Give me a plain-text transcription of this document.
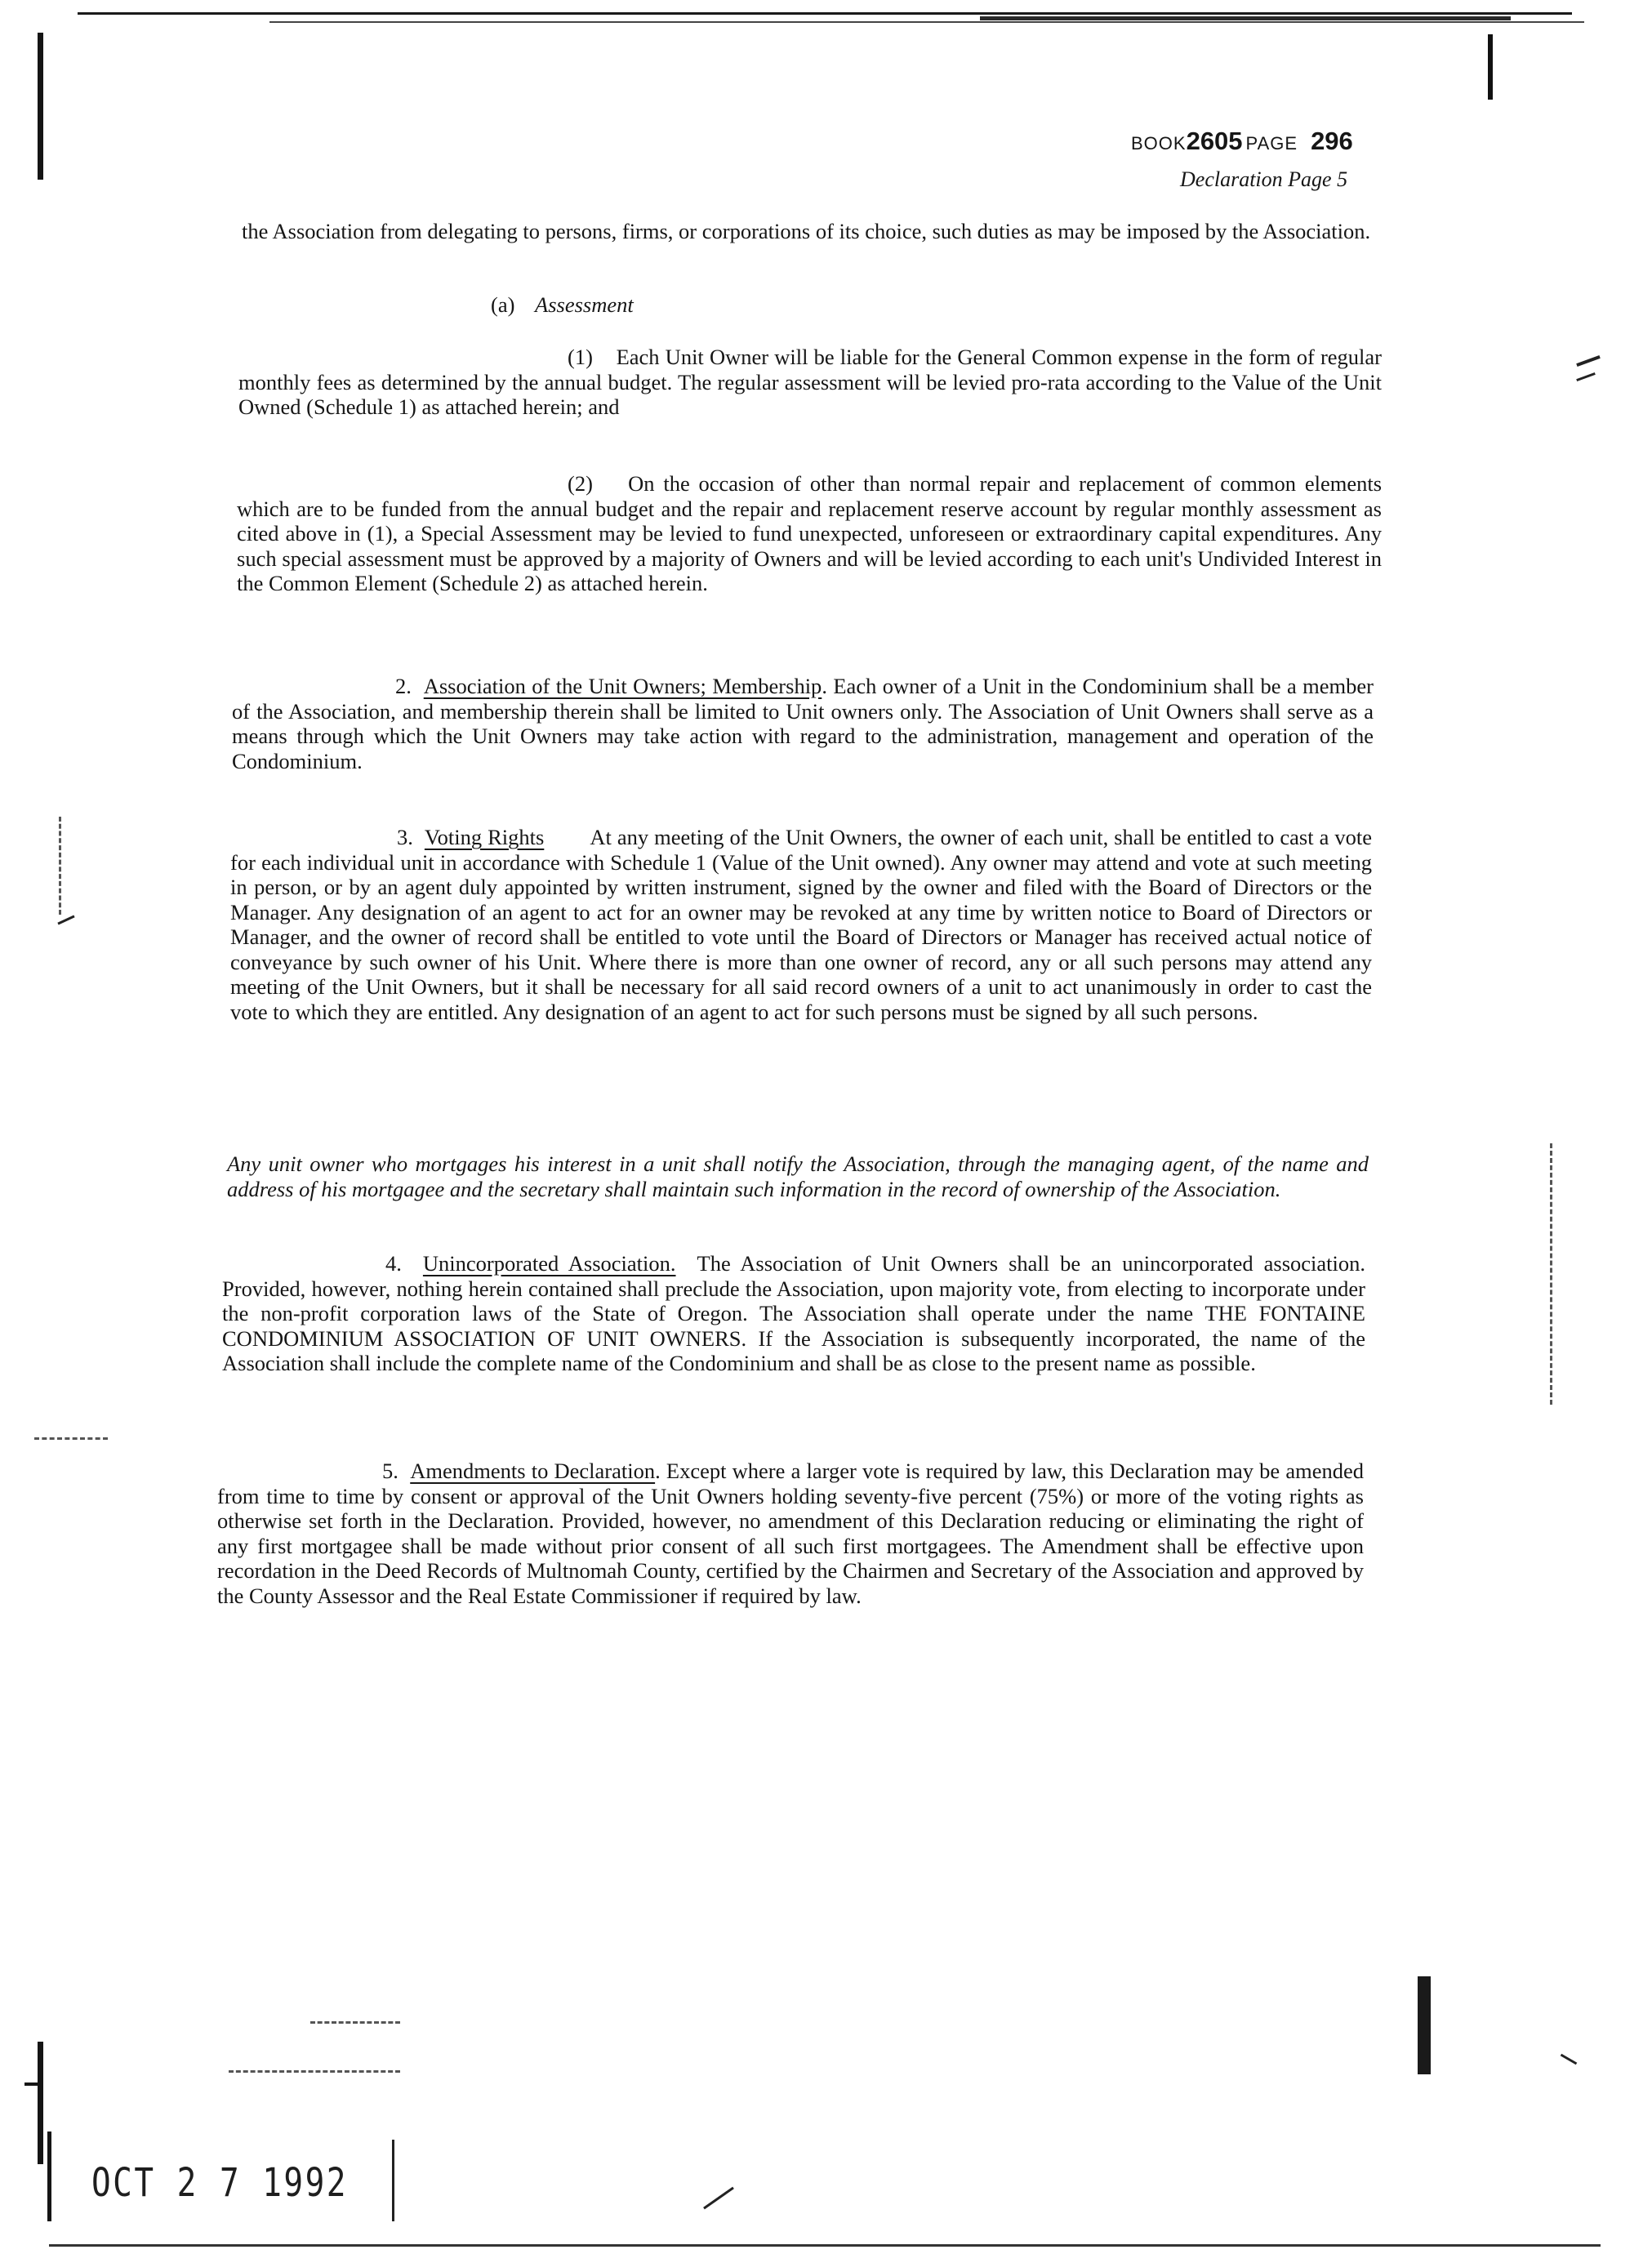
BOOK2605 PAGE 296
Declaration Page 5
the Association from delegating to persons, firms, or corporations of its choice, such duties as may be imposed by the Association.
(a) Assessment
(1) Each Unit Owner will be liable for the General Common expense in the form of regular monthly fees as determined by the annual budget. The regular assessment will be levied pro-rata according to the Value of the Unit Owned (Schedule 1) as attached herein; and
(2) On the occasion of other than normal repair and replacement of common elements which are to be funded from the annual budget and the repair and replacement reserve account by regular monthly assessment as cited above in (1), a Special Assessment may be levied to fund unexpected, unforeseen or extraordinary capital expenditures. Any such special assessment must be approved by a majority of Owners and will be levied according to each unit's Undivided Interest in the Common Element (Schedule 2) as attached herein.
2. Association of the Unit Owners; Membership. Each owner of a Unit in the Condominium shall be a member of the Association, and membership therein shall be limited to Unit owners only. The Association of Unit Owners shall serve as a means through which the Unit Owners may take action with regard to the administration, management and operation of the Condominium.
3. Voting Rights At any meeting of the Unit Owners, the owner of each unit, shall be entitled to cast a vote for each individual unit in accordance with Schedule 1 (Value of the Unit owned). Any owner may attend and vote at such meeting in person, or by an agent duly appointed by written instrument, signed by the owner and filed with the Board of Directors or the Manager. Any designation of an agent to act for an owner may be revoked at any time by written notice to Board of Directors or Manager, and the owner of record shall be entitled to vote until the Board of Directors or Manager has received actual notice of conveyance by such owner of his Unit. Where there is more than one owner of record, any or all such persons may attend any meeting of the Unit Owners, but it shall be necessary for all said record owners of a unit to act unanimously in order to cast the vote to which they are entitled. Any designation of an agent to act for such persons must be signed by all such persons.
Any unit owner who mortgages his interest in a unit shall notify the Association, through the managing agent, of the name and address of his mortgagee and the secretary shall maintain such information in the record of ownership of the Association.
4. Unincorporated Association. The Association of Unit Owners shall be an unincorporated association. Provided, however, nothing herein contained shall preclude the Association, upon majority vote, from electing to incorporate under the non-profit corporation laws of the State of Oregon. The Association shall operate under the name THE FONTAINE CONDOMINIUM ASSOCIATION OF UNIT OWNERS. If the Association is subsequently incorporated, the name of the Association shall include the complete name of the Condominium and shall be as close to the present name as possible.
5. Amendments to Declaration. Except where a larger vote is required by law, this Declaration may be amended from time to time by consent or approval of the Unit Owners holding seventy-five percent (75%) or more of the voting rights as otherwise set forth in the Declaration. Provided, however, no amendment of this Declaration reducing or eliminating the right of any first mortgagee shall be made without prior consent of all such first mortgagees. The Amendment shall be effective upon recordation in the Deed Records of Multnomah County, certified by the Chairmen and Secretary of the Association and approved by the County Assessor and the Real Estate Commissioner if required by law.
OCT 2 7 1992
